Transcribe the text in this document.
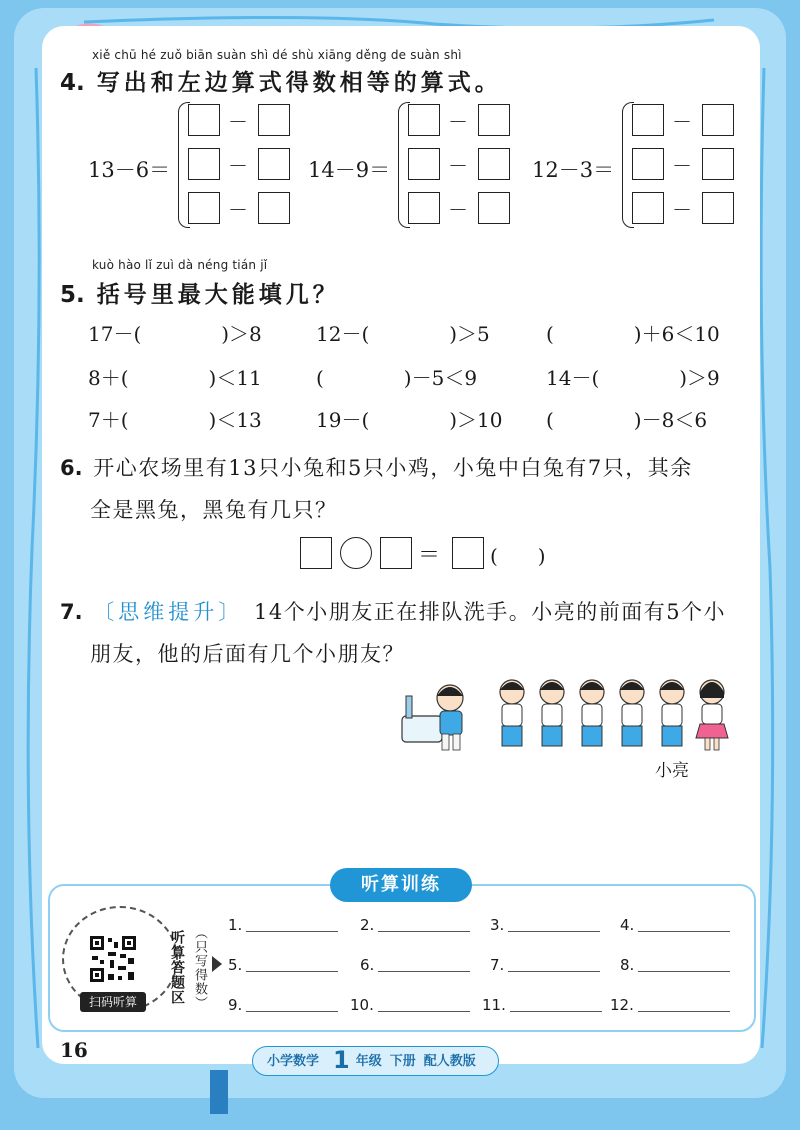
xiě chū hé zuǒ biān suàn shì dé shù xiāng děng de suàn shì
4. 写出和左边算式得数相等的算式。
13－6＝
－
－
－
14－9＝
－
－
－
12－3＝
－
－
－
kuò hào lǐ zuì dà néng tián jǐ
5. 括号里最大能填几？
17－(　　　　)＞8	12－(　　　　)＞5	(　　　　)＋6＜10
8＋(　　　　)＜11	(　　　　)－5＜9	14－(　　　　)＞9
7＋(　　　　)＜13	19－(　　　　)＞10 (　　　　)－8＜6
6. 开心农场里有13只小兔和5只小鸡，小兔中白兔有7只，其余
全是黑兔，黑兔有几只？
＝ (　　)
7. 〔思维提升〕 14个小朋友正在排队洗手。小亮的前面有5个小
朋友，他的后面有几个小朋友？
小亮
听算训练
扫码听算	听算答题区 （只写得数）
1.	2.	3.	4.
5.	6.	7.	8.
9.	10.	11.	12.
16	小学数学 1 年级 下册 配人教版
